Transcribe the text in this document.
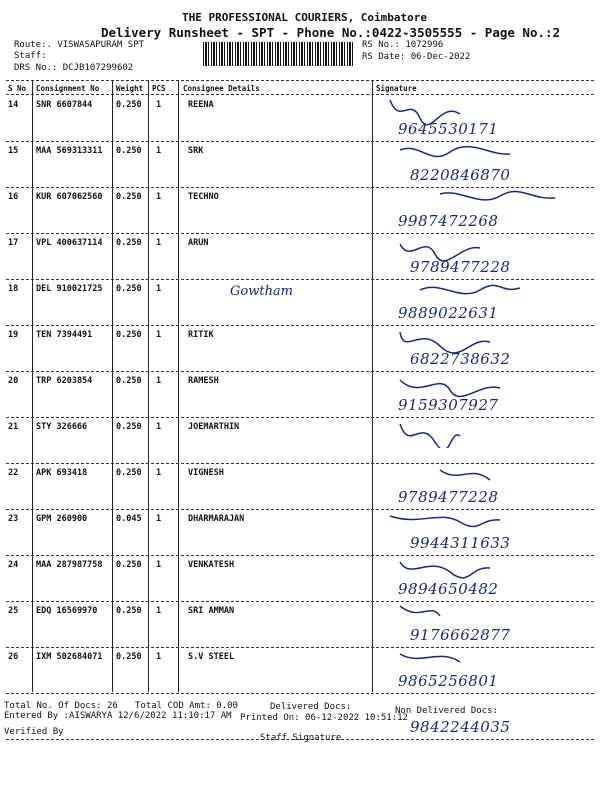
THE PROFESSIONAL COURIERS, Coimbatore
Delivery Runsheet - SPT - Phone No.:0422-3505555 - Page No.:2
Route:. VISWASAPURAM SPT
Staff:
DRS No.: DCJB107299602
RS No.: 1072996
RS Date: 06-Dec-2022
S No Consignment No Weight PCS Consignee Details	Signature
14 SNR 6607844	0.250 1	REENA
9645530171
15 MAA 569313311 0.250 1	SRK
8220846870
16 KUR 607062560 0.250 1	TECHNO
9987472268
17 VPL 400637114 0.250 1	ARUN
9789477228
18 DEL 910021725 0.250 1	Gowtham
9889022631
19 TEN 7394491	0.250 1	RITIK
6822738632
20 TRP 6203854	0.250 1	RAMESH
9159307927
21 STY 326666	0.250 1	JOEMARTHIN
22 APK 693418	0.250 1	VIGNESH
9789477228
23 GPM 260900	0.045 1	DHARMARAJAN
9944311633
24 MAA 287987758 0.250 1	VENKATESH
9894650482
25 EDQ 16569970 0.250 1	SRI AMMAN
9176662877
26 IXM 502684071 0.250 1	S.V STEEL
9865256801
9842244035
Total No. Of Docs: 26 Total COD Amt: 0.00	Delivered Docs:	Non Delivered Docs:
Entered By :AISWARYA 12/6/2022 11:10:17 AM Printed On: 06-12-2022 10:51:12
Verified By
Staff Signature
